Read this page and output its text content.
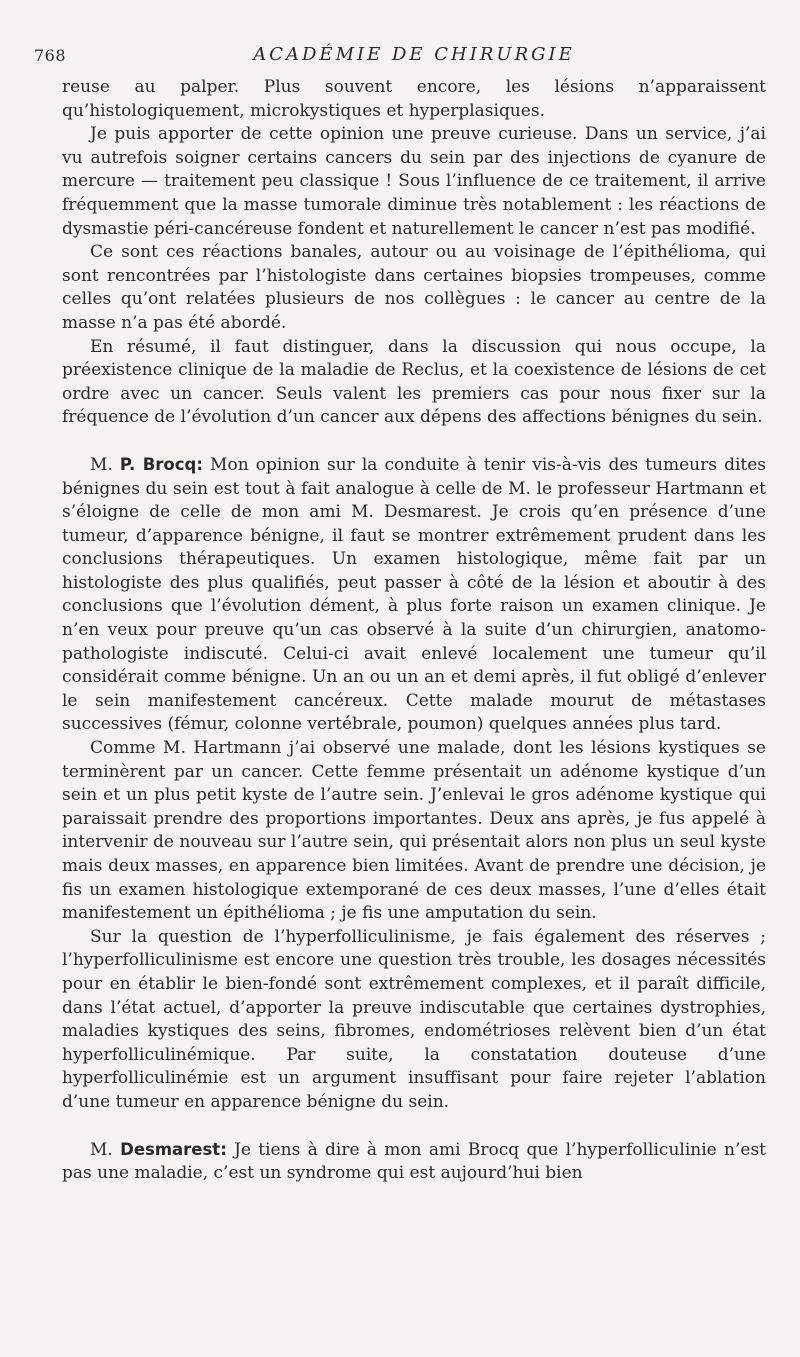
768	ACADÉMIE DE CHIRURGIE

reuse au palper. Plus souvent encore, les lésions n’apparaissent qu’histologiquement, microkystiques et hyperplasiques.

Je puis apporter de cette opinion une preuve curieuse. Dans un service, j’ai vu autrefois soigner certains cancers du sein par des injections de cyanure de mercure — traitement peu classique ! Sous l’influence de ce traitement, il arrive fréquemment que la masse tumorale diminue très notablement : les réactions de dysmastie péri-cancéreuse fondent et naturellement le cancer n’est pas modifié.

Ce sont ces réactions banales, autour ou au voisinage de l’épithélioma, qui sont rencontrées par l’histologiste dans certaines biopsies trompeuses, comme celles qu’ont relatées plusieurs de nos collègues : le cancer au centre de la masse n’a pas été abordé.

En résumé, il faut distinguer, dans la discussion qui nous occupe, la préexistence clinique de la maladie de Reclus, et la coexistence de lésions de cet ordre avec un cancer. Seuls valent les premiers cas pour nous fixer sur la fréquence de l’évolution d’un cancer aux dépens des affections bénignes du sein.

M. P. Brocq: Mon opinion sur la conduite à tenir vis-à-vis des tumeurs dites bénignes du sein est tout à fait analogue à celle de M. le professeur Hartmann et s’éloigne de celle de mon ami M. Desmarest. Je crois qu’en présence d’une tumeur, d’apparence bénigne, il faut se montrer extrêmement prudent dans les conclusions thérapeutiques. Un examen histologique, même fait par un histologiste des plus qualifiés, peut passer à côté de la lésion et aboutir à des conclusions que l’évolution dément, à plus forte raison un examen clinique. Je n’en veux pour preuve qu’un cas observé à la suite d’un chirurgien, anatomo-pathologiste indiscuté. Celui-ci avait enlevé localement une tumeur qu’il considérait comme bénigne. Un an ou un an et demi après, il fut obligé d’enlever le sein manifestement cancéreux. Cette malade mourut de métastases successives (fémur, colonne vertébrale, poumon) quelques années plus tard.

Comme M. Hartmann j’ai observé une malade, dont les lésions kystiques se terminèrent par un cancer. Cette femme présentait un adénome kystique d’un sein et un plus petit kyste de l’autre sein. J’enlevai le gros adénome kystique qui paraissait prendre des proportions importantes. Deux ans après, je fus appelé à intervenir de nouveau sur l’autre sein, qui présentait alors non plus un seul kyste mais deux masses, en apparence bien limitées. Avant de prendre une décision, je fis un examen histologique extemporané de ces deux masses, l’une d’elles était manifestement un épithélioma ; je fis une amputation du sein.

Sur la question de l’hyperfolliculinisme, je fais également des réserves ; l’hyperfolliculinisme est encore une question très trouble, les dosages nécessités pour en établir le bien-fondé sont extrêmement complexes, et il paraît difficile, dans l’état actuel, d’apporter la preuve indiscutable que certaines dystrophies, maladies kystiques des seins, fibromes, endométrioses relèvent bien d’un état hyperfolliculinémique. Par suite, la constatation douteuse d’une hyperfolliculinémie est un argument insuffisant pour faire rejeter l’ablation d’une tumeur en apparence bénigne du sein.

M. Desmarest: Je tiens à dire à mon ami Brocq que l’hyperfolliculinie n’est pas une maladie, c’est un syndrome qui est aujourd’hui bien
